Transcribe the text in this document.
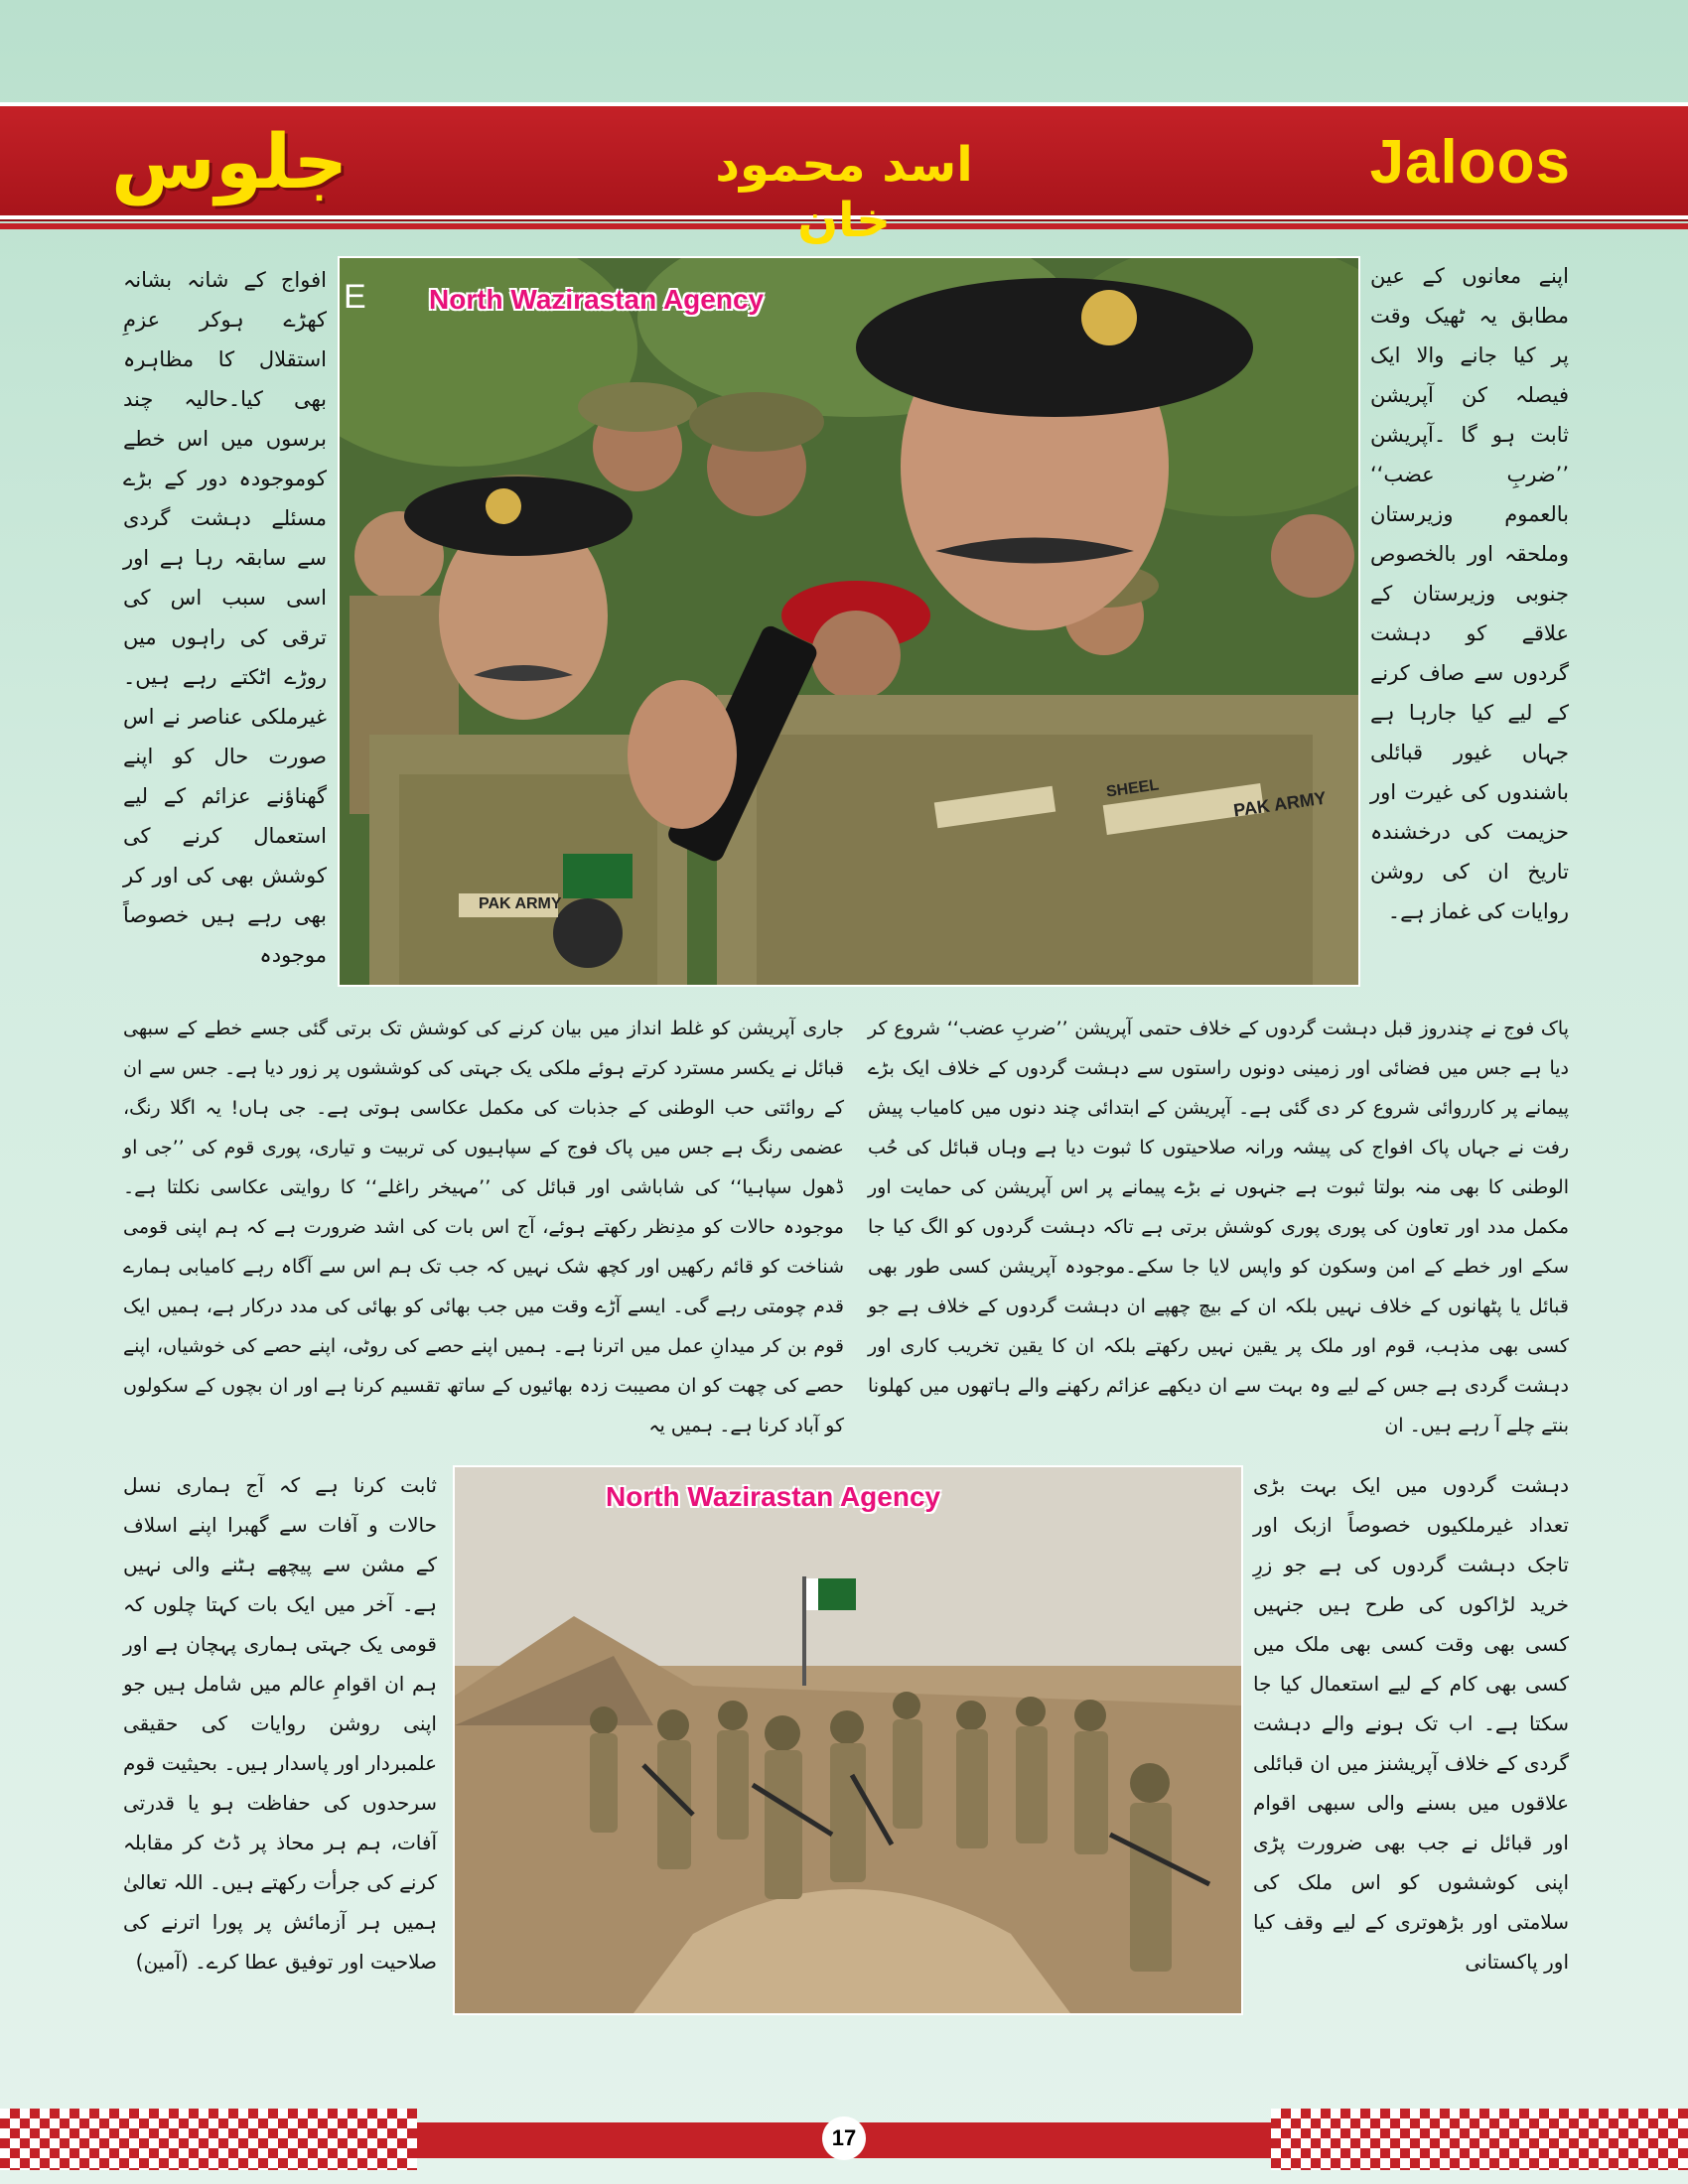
جلوس	اسد محمود خان
Jaloos
North Wazirastan Agency
E
SHEEL	PAK ARMY
PAK ARMY
اپنے معانوں کے عین مطابق یہ ٹھیک وقت پر کیا جانے والا ایک فیصلہ کن آپریشن ثابت ہو گا ۔آپریشن ’’ضربِ عضب‘‘ بالعموم وزیرستان وملحقہ اور بالخصوص جنوبی وزیرستان کے علاقے کو دہشت گردوں سے صاف کرنے کے لیے کیا جارہا ہے جہاں غیور قبائلی باشندوں کی غیرت اور حزیمت کی درخشندہ تاریخ ان کی روشن روایات کی غماز ہے۔
افواج کے شانہ بشانہ کھڑے ہوکر عزمِ استقلال کا مظاہرہ بھی کیا۔حالیہ چند برسوں میں اس خطے کوموجودہ دور کے بڑے مسئلے دہشت گردی سے سابقہ رہا ہے اور اسی سبب اس کی ترقی کی راہوں میں روڑے اٹکتے رہے ہیں۔ غیرملکی عناصر نے اس صورت حال کو اپنے گھناؤنے عزائم کے لیے استعمال کرنے کی کوشش بھی کی اور کر بھی رہے ہیں خصوصاً موجودہ
پاک فوج نے چندروز قبل دہشت گردوں کے خلاف حتمی آپریشن ’’ضربِ عضب‘‘ شروع کر دیا ہے جس میں فضائی اور زمینی دونوں راستوں سے دہشت گردوں کے خلاف ایک بڑے پیمانے پر کارروائی شروع کر دی گئی ہے۔ آپریشن کے ابتدائی چند دنوں میں کامیاب پیش رفت نے جہاں پاک افواج کی پیشہ ورانہ صلاحیتوں کا ثبوت دیا ہے وہاں قبائل کی حُب الوطنی کا بھی منہ بولتا ثبوت ہے جنہوں نے بڑے پیمانے پر اس آپریشن کی حمایت اور مکمل مدد اور تعاون کی پوری پوری کوشش برتی ہے تاکہ دہشت گردوں کو الگ کیا جا سکے اور خطے کے امن وسکون کو واپس لایا جا سکے۔موجودہ آپریشن کسی طور بھی قبائل یا پٹھانوں کے خلاف نہیں بلکہ ان کے بیچ چھپے ان دہشت گردوں کے خلاف ہے جو کسی بھی مذہب، قوم اور ملک پر یقین نہیں رکھتے بلکہ ان کا یقین تخریب کاری اور دہشت گردی ہے جس کے لیے وہ بہت سے ان دیکھے عزائم رکھنے والے ہاتھوں میں کھلونا بنتے چلے آ رہے ہیں۔ ان
جاری آپریشن کو غلط انداز میں بیان کرنے کی کوشش تک برتی گئی جسے خطے کے سبھی قبائل نے یکسر مسترد کرتے ہوئے ملکی یک جہتی کی کوششوں پر زور دیا ہے۔ جس سے ان کے روائتی حب الوطنی کے جذبات کی مکمل عکاسی ہوتی ہے۔ جی ہاں! یہ اگلا رنگ، عضمی رنگ ہے جس میں پاک فوج کے سپاہیوں کی تربیت و تیاری، پوری قوم کی ’’جی او ڈھول سپاہیا‘‘ کی شاباشی اور قبائل کی ’’مہیخر راغلے‘‘ کا روایتی عکاسی نکلتا ہے۔ موجودہ حالات کو مدِنظر رکھتے ہوئے، آج اس بات کی اشد ضرورت ہے کہ ہم اپنی قومی شناخت کو قائم رکھیں اور کچھ شک نہیں کہ جب تک ہم اس سے آگاہ رہے کامیابی ہمارے قدم چومتی رہے گی۔ ایسے آڑے وقت میں جب بھائی کو بھائی کی مدد درکار ہے، ہمیں ایک قوم بن کر میدانِ عمل میں اترنا ہے۔ ہمیں اپنے حصے کی روٹی، اپنے حصے کی خوشیاں، اپنے حصے کی چھت کو ان مصیبت زدہ بھائیوں کے ساتھ تقسیم کرنا ہے اور ان بچوں کے سکولوں کو آباد کرنا ہے۔ ہمیں یہ
North Wazirastan Agency	دہشت گردوں میں ایک بہت بڑی تعداد غیرملکیوں خصوصاً ازبک اور تاجک دہشت گردوں کی ہے جو زرِ خرید لڑاکوں کی طرح ہیں جنہیں کسی بھی وقت کسی بھی ملک میں کسی بھی کام کے لیے استعمال کیا جا سکتا ہے۔ اب تک ہونے والے دہشت گردی کے خلاف آپریشنز میں ان قبائلی علاقوں میں بسنے والی سبھی اقوام اور قبائل نے جب بھی ضرورت پڑی اپنی کوششوں کو اس ملک کی سلامتی اور بڑھوتری کے لیے وقف کیا اور پاکستانی
ثابت کرنا ہے کہ آج ہماری نسل حالات و آفات سے گھبرا اپنے اسلاف کے مشن سے پیچھے ہٹنے والی نہیں ہے۔ آخر میں ایک بات کہتا چلوں کہ قومی یک جہتی ہماری پہچان ہے اور ہم ان اقوامِ عالم میں شامل ہیں جو اپنی روشن روایات کی حقیقی علمبردار اور پاسدار ہیں۔ بحیثیت قوم سرحدوں کی حفاظت ہو یا قدرتی آفات، ہم ہر محاذ پر ڈٹ کر مقابلہ کرنے کی جرأت رکھتے ہیں۔ اللہ تعالیٰ ہمیں ہر آزمائش پر پورا اترنے کی صلاحیت اور توفیق عطا کرے۔ (آمین)
17
